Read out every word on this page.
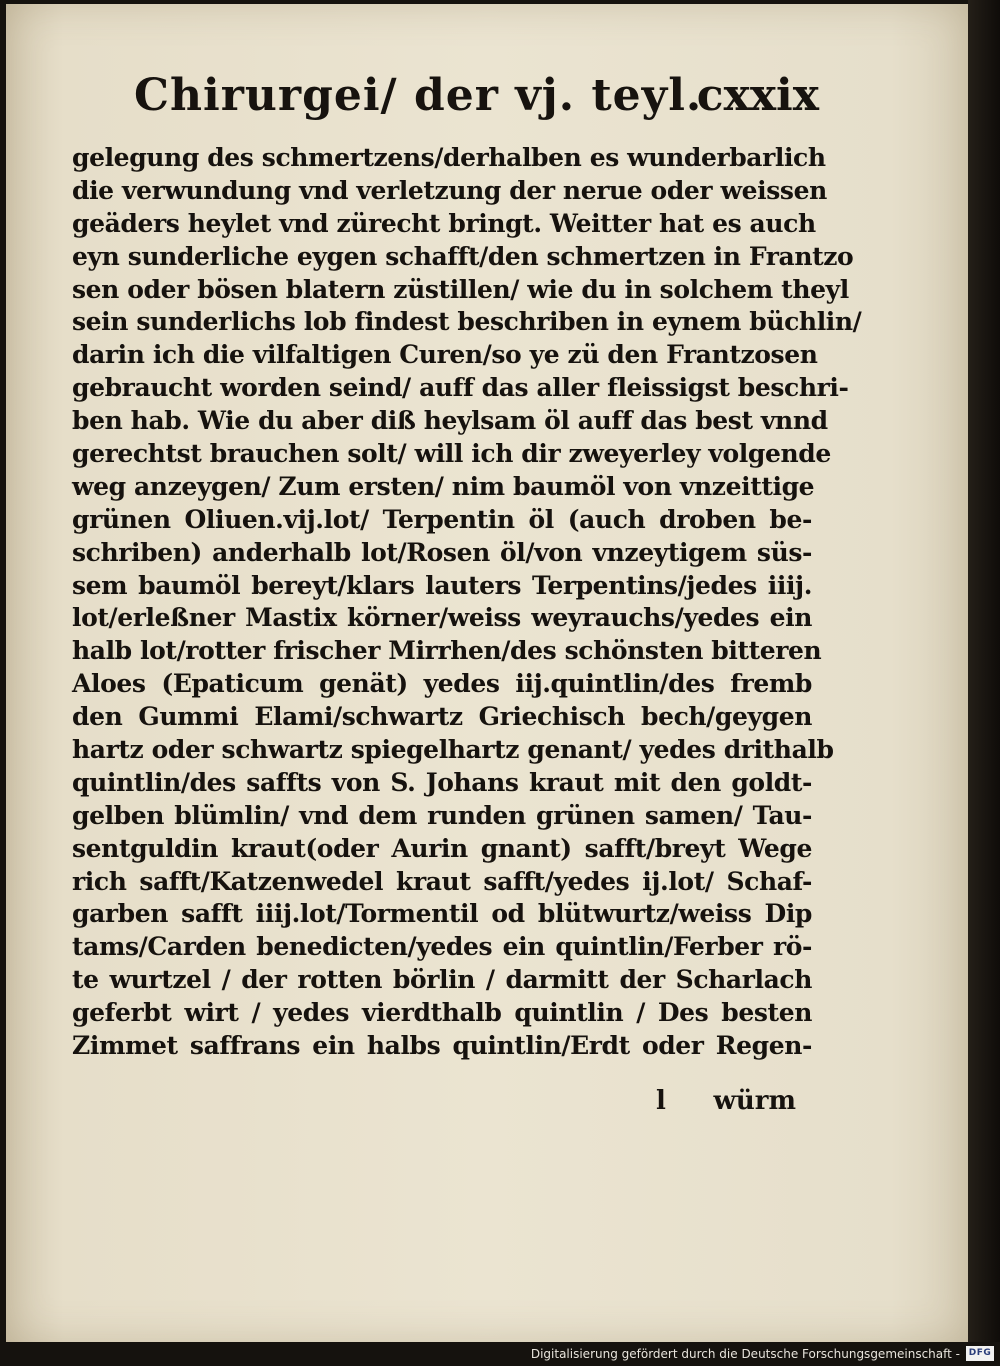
Chirurgei/ der vj. teyl.
cxxix
gelegung des schmertzens/derhalben es wunderbarlich
die verwundung vnd verletzung der nerue oder weissen
geäders heylet vnd zürecht bringt. Weitter hat es auch
eyn sunderliche eygen schafft/den schmertzen in Frantzo
sen oder bösen blatern züstillen/ wie du in solchem theyl
sein sunderlichs lob findest beschriben in eynem büchlin/
darin ich die vilfaltigen Curen/so ye zü den Frantzosen
gebraucht worden seind/ auff das aller fleissigst beschri-
ben hab. Wie du aber diß heylsam öl auff das best vnnd
gerechtst brauchen solt/ will ich dir zweyerley volgende
weg anzeygen/ Zum ersten/ nim baumöl von vnzeittige
grünen Oliuen.vij.lot/ Terpentin öl (auch droben be-
schriben) anderhalb lot/Rosen öl/von vnzeytigem süs-
sem baumöl bereyt/klars lauters Terpentins/jedes iiij.
lot/erleßner Mastix körner/weiss weyrauchs/yedes ein
halb lot/rotter frischer Mirrhen/des schönsten bitteren
Aloes (Epaticum genät) yedes iij.quintlin/des fremb
den Gummi Elami/schwartz Griechisch bech/geygen
hartz oder schwartz spiegelhartz genant/ yedes drithalb
quintlin/des saffts von S. Johans kraut mit den goldt-
gelben blümlin/ vnd dem runden grünen samen/ Tau-
sentguldin kraut(oder Aurin gnant) safft/breyt Wege
rich safft/Katzenwedel kraut safft/yedes ij.lot/ Schaf-
garben safft iiij.lot/Tormentil od blütwurtz/weiss Dip
tams/Carden benedicten/yedes ein quintlin/Ferber rö-
te wurtzel / der rotten börlin / darmitt der Scharlach
geferbt wirt / yedes vierdthalb quintlin / Des besten
Zimmet saffrans ein halbs quintlin/Erdt oder Regen-
l würm
Digitalisierung gefördert durch die Deutsche Forschungsgemeinschaft - DFG
